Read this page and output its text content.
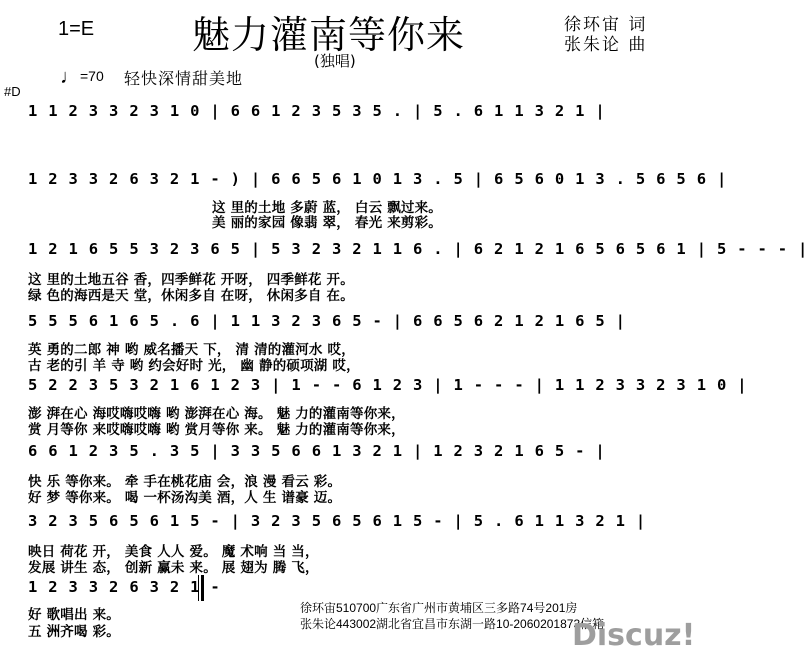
1=E	魅力灌南等你来
(独唱)
徐环宙 词
张朱论 曲
#D
♩=70 轻快深情甜美地
1 1 2 3 3 2 3 1 0 | 6 6 1 2 3 5 3 5 . | 5 . 6 1 1 3 2 1 |
1 2 3 3 2 6 3 2 1 - ) | 6 6 5 6 1 0 1 3 . 5 | 6 5 6 0 1 3 . 5 6 5 6 |
这 里的土地 多蔚 蓝， 白云 飘过来。
美 丽的家园 像翡 翠， 春光 来剪彩。
1 2 1 6 5 5 3 2 3 6 5 | 5 3 2 3 2 1 1 6 . | 6 2 1 2 1 6 5 6 5 6 1 | 5 - - - |
这 里的土地五谷 香，四季鲜花 开呀， 四季鲜花 开。
绿 色的海西是天 堂，休闲多自 在呀， 休闲多自 在。
5 5 5 6 1 6 5 . 6 | 1 1 3 2 3 6 5 - | 6 6 5 6 2 1 2 1 6 5 |
英 勇的二郎 神 哟 威名播天 下， 清 清的灌河水 哎，
古 老的引 羊 寺 哟 约会好时 光， 幽 静的硕项湖 哎，
5 2 2 3 5 3 2 1 6 1 2 3 | 1 - - 6 1 2 3 | 1 - - - | 1 1 2 3 3 2 3 1 0 |
澎 湃在心 海哎嗨哎嗨 哟 澎湃在心 海。 魅 力的灌南等你来，
赏 月等你 来哎嗨哎嗨 哟 赏月等你 来。 魅 力的灌南等你来，
6 6 1 2 3 5 . 3 5 | 3 3 5 6 6 1 3 2 1 | 1 2 3 2 1 6 5 - |
快 乐 等你来。 牵 手在桃花庙 会，浪 漫 看云 彩。
好 梦 等你来。 喝 一杯汤沟美 酒，人 生 谱豪 迈。
3 2 3 5 6 5 6 1 5 - | 3 2 3 5 6 5 6 1 5 - | 5 . 6 1 1 3 2 1 |
映日 荷花 开， 美食 人人 爱。 魔 术响 当 当，
发展 讲生 态， 创新 赢未 来。 展 翅为 腾 飞，
1 2 3 3 2 6 3 2 1 -
好 歌唱出 来。
五 洲齐喝 彩。
徐环宙510700广东省广州市黄埔区三多路74号201房
张朱论443002湖北省宜昌市东湖一路10-2060201873信箱
Discuz!
